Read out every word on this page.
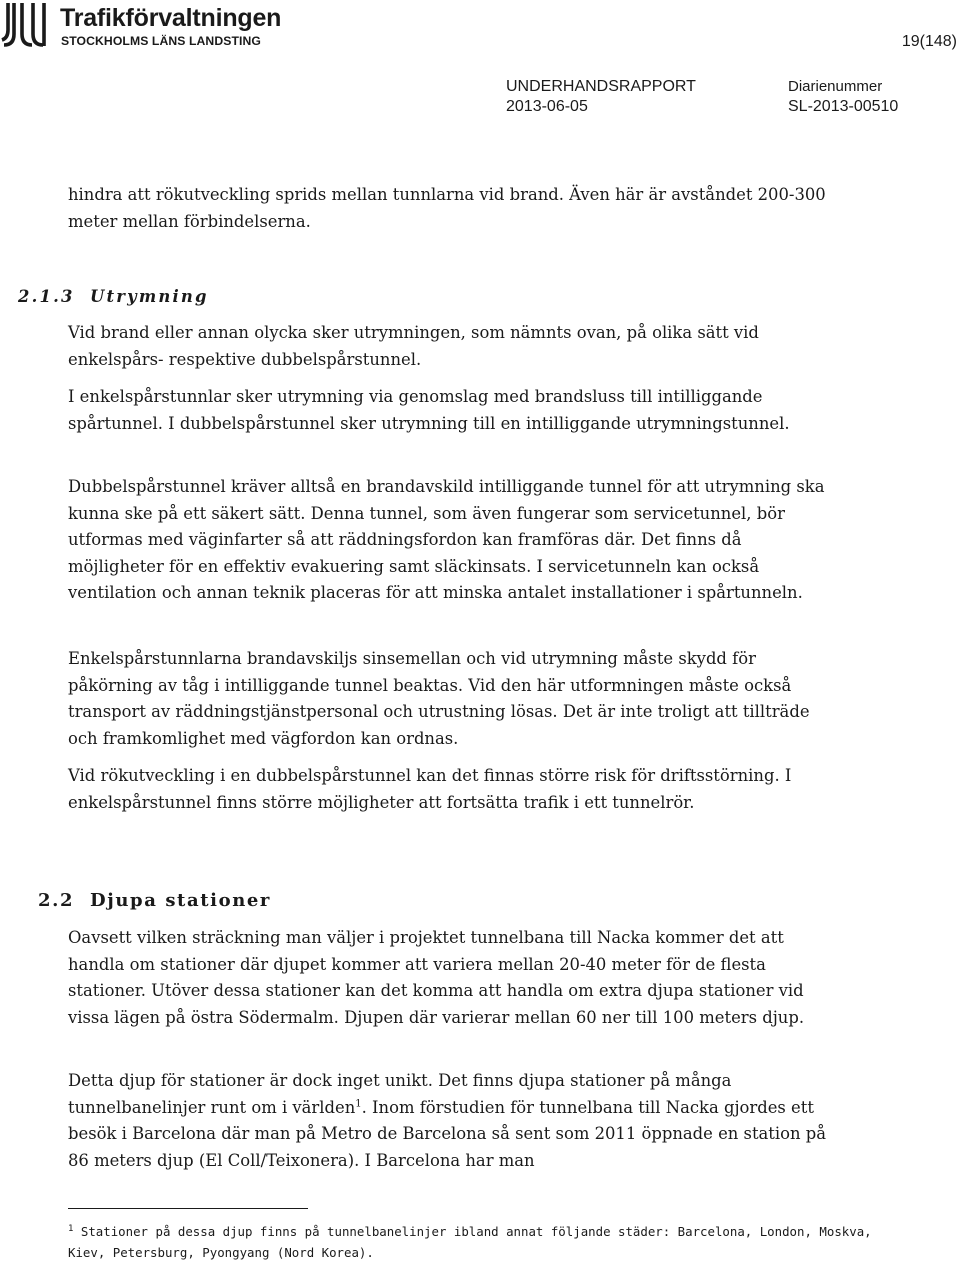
Trafikförvaltningen
STOCKHOLMS LÄNS LANDSTING	19(148)
UNDERHANDSRAPPORT
2013-06-05
Diarienummer
SL-2013-00510

hindra att rökutveckling sprids mellan tunnlarna vid brand. Även här är avståndet 200-300 meter mellan förbindelserna.

2.1.3 Utrymning

Vid brand eller annan olycka sker utrymningen, som nämnts ovan, på olika sätt vid enkelspårs- respektive dubbelspårstunnel.

I enkelspårstunnlar sker utrymning via genomslag med brandsluss till intilliggande spårtunnel. I dubbelspårstunnel sker utrymning till en intilliggande utrymningstunnel.

Dubbelspårstunnel kräver alltså en brandavskild intilliggande tunnel för att utrymning ska kunna ske på ett säkert sätt. Denna tunnel, som även fungerar som servicetunnel, bör utformas med väginfarter så att räddningsfordon kan framföras där. Det finns då möjligheter för en effektiv evakuering samt släckinsats. I servicetunneln kan också ventilation och annan teknik placeras för att minska antalet installationer i spårtunneln.

Enkelspårstunnlarna brandavskiljs sinsemellan och vid utrymning måste skydd för påkörning av tåg i intilliggande tunnel beaktas. Vid den här utformningen måste också transport av räddningstjänstpersonal och utrustning lösas. Det är inte troligt att tillträde och framkomlighet med vägfordon kan ordnas.

Vid rökutveckling i en dubbelspårstunnel kan det finnas större risk för driftsstörning. I enkelspårstunnel finns större möjligheter att fortsätta trafik i ett tunnelrör.

2.2 Djupa stationer

Oavsett vilken sträckning man väljer i projektet tunnelbana till Nacka kommer det att handla om stationer där djupet kommer att variera mellan 20-40 meter för de flesta stationer. Utöver dessa stationer kan det komma att handla om extra djupa stationer vid vissa lägen på östra Södermalm. Djupen där varierar mellan 60 ner till 100 meters djup.

Detta djup för stationer är dock inget unikt. Det finns djupa stationer på många tunnelbanelinjer runt om i världen$^1$. Inom förstudien för tunnelbana till Nacka gjordes ett besök i Barcelona där man på Metro de Barcelona så sent som 2011 öppnade en station på 86 meters djup (El Coll/Teixonera). I Barcelona har man

$^1$ Stationer på dessa djup finns på tunnelbanelinjer ibland annat följande städer: Barcelona, London, Moskva, Kiev, Petersburg, Pyongyang (Nord Korea).
